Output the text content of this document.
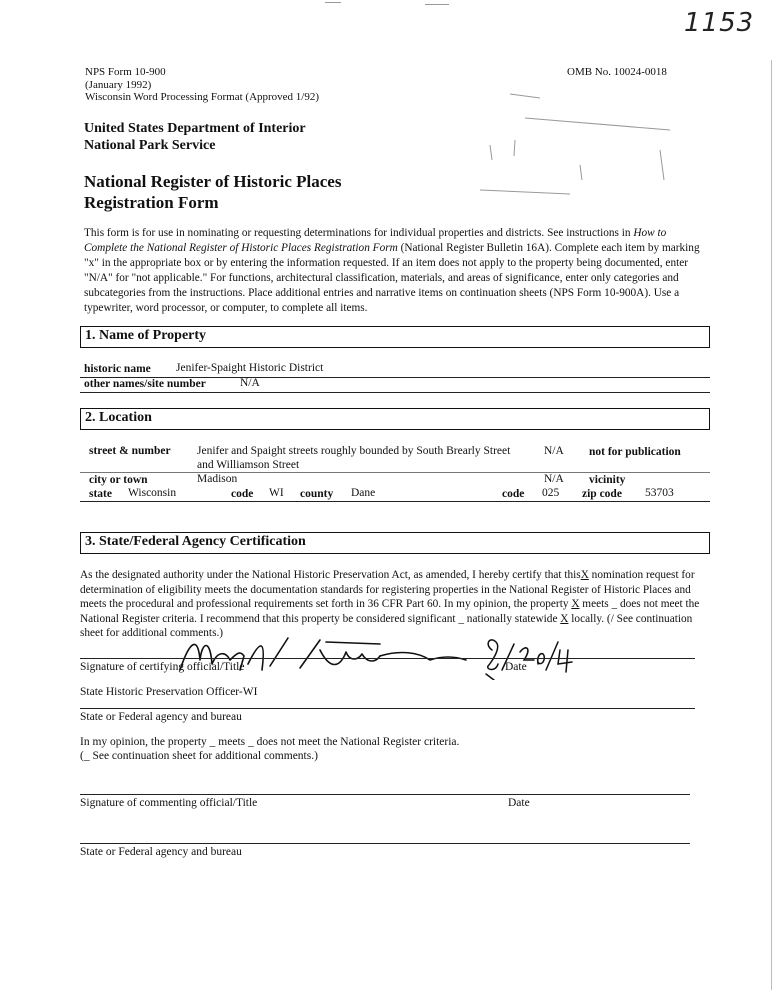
1153
NPS Form 10-900
(January 1992)
Wisconsin Word Processing Format (Approved 1/92)
OMB No. 10024-0018
United States Department of Interior
National Park Service
National Register of Historic Places
Registration Form
This form is for use in nominating or requesting determinations for individual properties and districts. See instructions in How to Complete the National Register of Historic Places Registration Form (National Register Bulletin 16A). Complete each item by marking "x" in the appropriate box or by entering the information requested. If an item does not apply to the property being documented, enter "N/A" for "not applicable." For functions, architectural classification, materials, and areas of significance, enter only categories and subcategories from the instructions. Place additional entries and narrative items on continuation sheets (NPS Form 10-900A). Use a typewriter, word processor, or computer, to complete all items.
1. Name of Property
historic name Jenifer-Spaight Historic District
other names/site number	N/A
2. Location
street & number Jenifer and Spaight streets roughly bounded by South Brearly Street
and Williamson Street
N/A not for publication
city or town	Madison	N/A vicinity
state Wisconsin	code WI county Dane	code 025 zip code 53703
3. State/Federal Agency Certification
As the designated authority under the National Historic Preservation Act, as amended, I hereby certify that thisX nomination request for determination of eligibility meets the documentation standards for registering properties in the National Register of Historic Places and meets the procedural and professional requirements set forth in 36 CFR Part 60. In my opinion, the property X meets _ does not meet the National Register criteria. I recommend that this property be considered significant _ nationally statewide X locally. (/ See continuation sheet for additional comments.)
Signature of certifying official/Title	Date
State Historic Preservation Officer-WI
State or Federal agency and bureau
In my opinion, the property _ meets _ does not meet the National Register criteria.
(_ See continuation sheet for additional comments.)
Signature of commenting official/Title	Date
State or Federal agency and bureau
